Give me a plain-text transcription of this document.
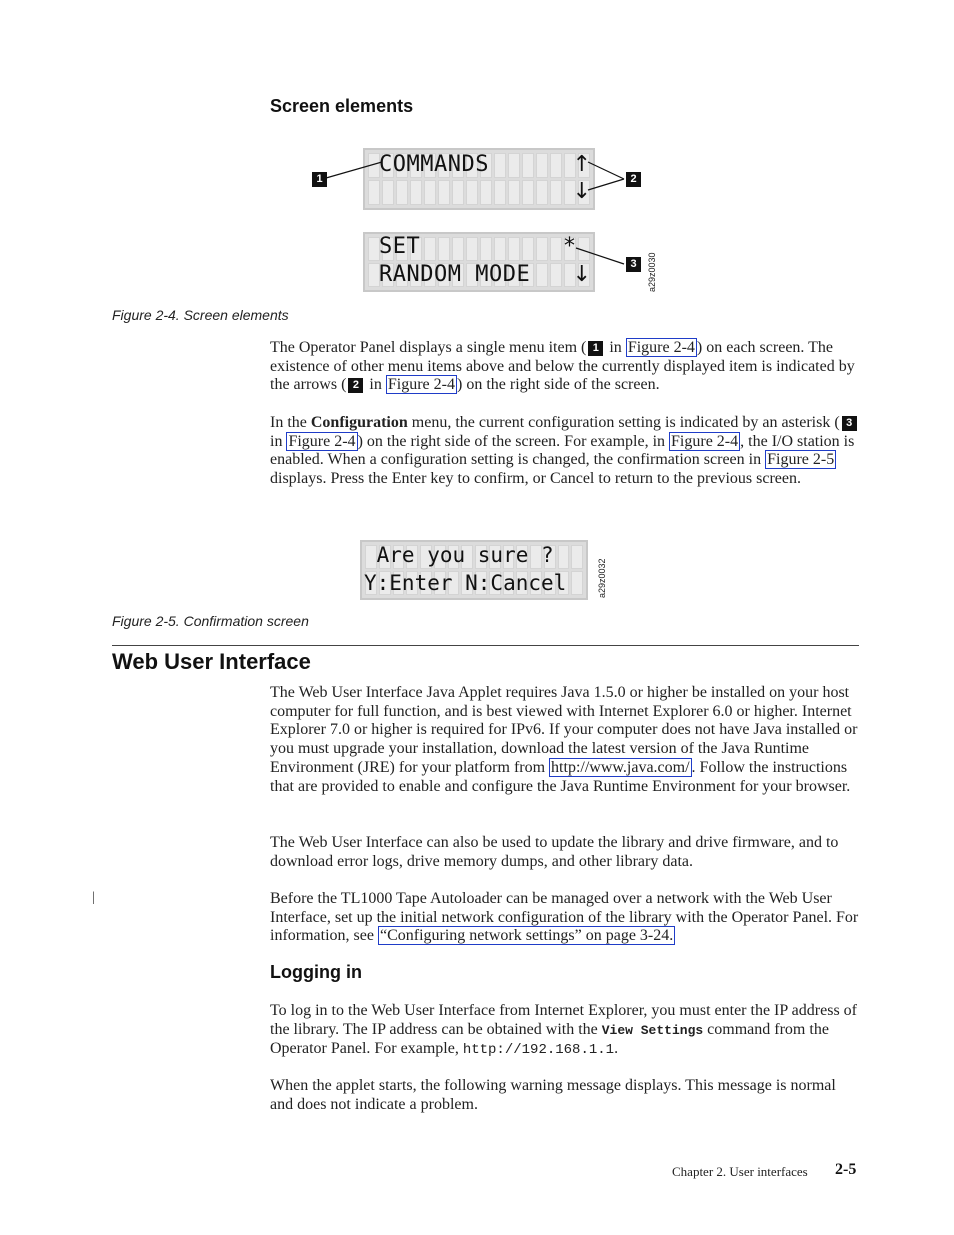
Screen elements
COMMANDS	↑
↓
SET
RANDOM MODE
*
↓
1	2
3	a29z0030
Figure 2-4. Screen elements
The Operator Panel displays a single menu item ( 1 in Figure 2-4 ) on each screen. The existence of other menu items above and below the currently displayed item is indicated by the arrows ( 2 in Figure 2-4 ) on the right side of the screen.
In the Configuration menu, the current configuration setting is indicated by an asterisk ( 3 in Figure 2-4 ) on the right side of the screen. For example, in Figure 2-4 , the I/O station is enabled. When a configuration setting is changed, the confirmation screen in Figure 2-5 displays. Press the Enter key to confirm, or Cancel to return to the previous screen.
Are you sure ?
Y:Enter N:Cancel	a29z0032
Figure 2-5. Confirmation screen
Web User Interface
The Web User Interface Java Applet requires Java 1.5.0 or higher be installed on your host computer for full function, and is best viewed with Internet Explorer 6.0 or higher. Internet Explorer 7.0 or higher is required for IPv6. If your computer does not have Java installed or you must upgrade your installation, download the latest version of the Java Runtime Environment (JRE) for your platform from http://www.java.com/ . Follow the instructions that are provided to enable and configure the Java Runtime Environment for your browser.
The Web User Interface can also be used to update the library and drive firmware, and to download error logs, drive memory dumps, and other library data.
|	Before the TL1000 Tape Autoloader can be managed over a network with the Web User Interface, set up the initial network configuration of the library with the Operator Panel. For information, see “Configuring network settings” on page 3-24.
Logging in
To log in to the Web User Interface from Internet Explorer, you must enter the IP address of the library. The IP address can be obtained with the View Settings command from the Operator Panel. For example, http://192.168.1.1.
When the applet starts, the following warning message displays. This message is normal and does not indicate a problem.
Chapter 2. User interfaces 2-5
